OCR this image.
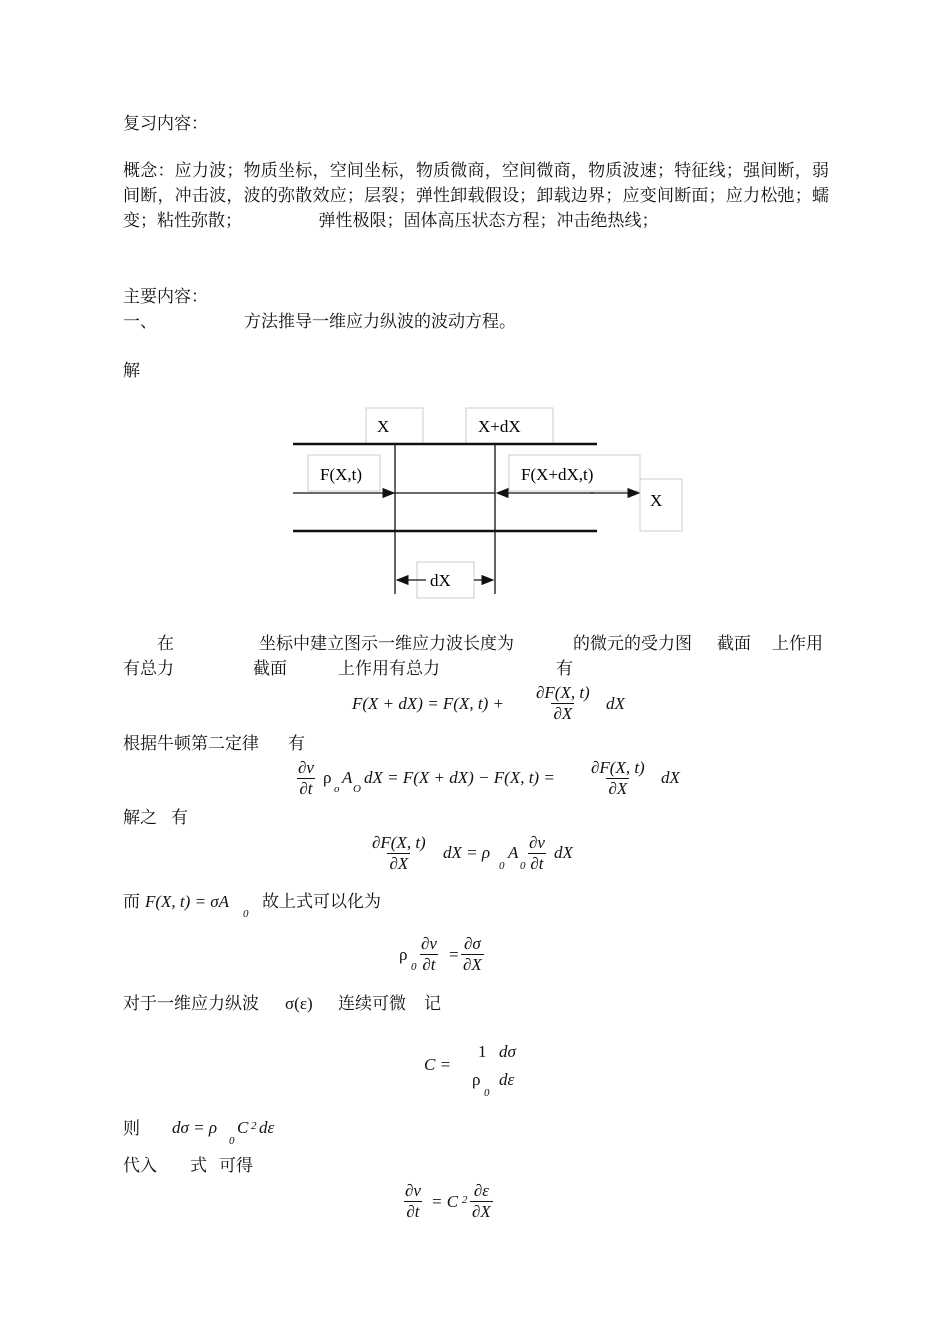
复习内容：
概念：应力波；物质坐标，空间坐标，物质微商，空间微商，物质波速；特征线；强间断，弱间断，冲击波，波的弥散效应；层裂；弹性卸载假设；卸载边界；应变间断面；应力松弛；蠕变；粘性弥散；　　　　　弹性极限；固体高压状态方程；冲击绝热线；
主要内容：
一、	方法推导一维应力纵波的波动方程。
解
X	X+dX
F(X,t)	F(X+dX,t)
X
dX
在	坐标中建立图示一维应力波长度为	的微元的受力图 截面 上作用
有总力	截面	上作用有总力	有
F(X + dX) = F(X, $t) + \frac{\partial F(X, t)}{\partial X}$ dX
根据牛顿第二定律 有
$\frac{\partial v}{\partial t}$ ρ
o
A
O
dX = F(X + dX) − F(X, $t) = \frac{\partial F(X, t)}{\partial X}$ dX
解之 有
$\frac{\partial F(X, t)}{\partial X}$ dX = ρ
0
A
$0 \frac{\partial v}{\partial t}$ dX
而 F(X, t) = σA
0
故上式可以化为
ρ
$0 \frac{\partial v}{\partial t} = \frac{\partial\sigma}{\partial X}$
对于一维应力纵波 σ(ε) 连续可微 记
C =
1
ρ
0
dσ
dε
则 dσ = ρ
0
C 2 dε
代入 式 可得
$\frac{\partial v}{\partial t} = C$ $2 \frac{\partial\varepsilon}{\partial X}$
